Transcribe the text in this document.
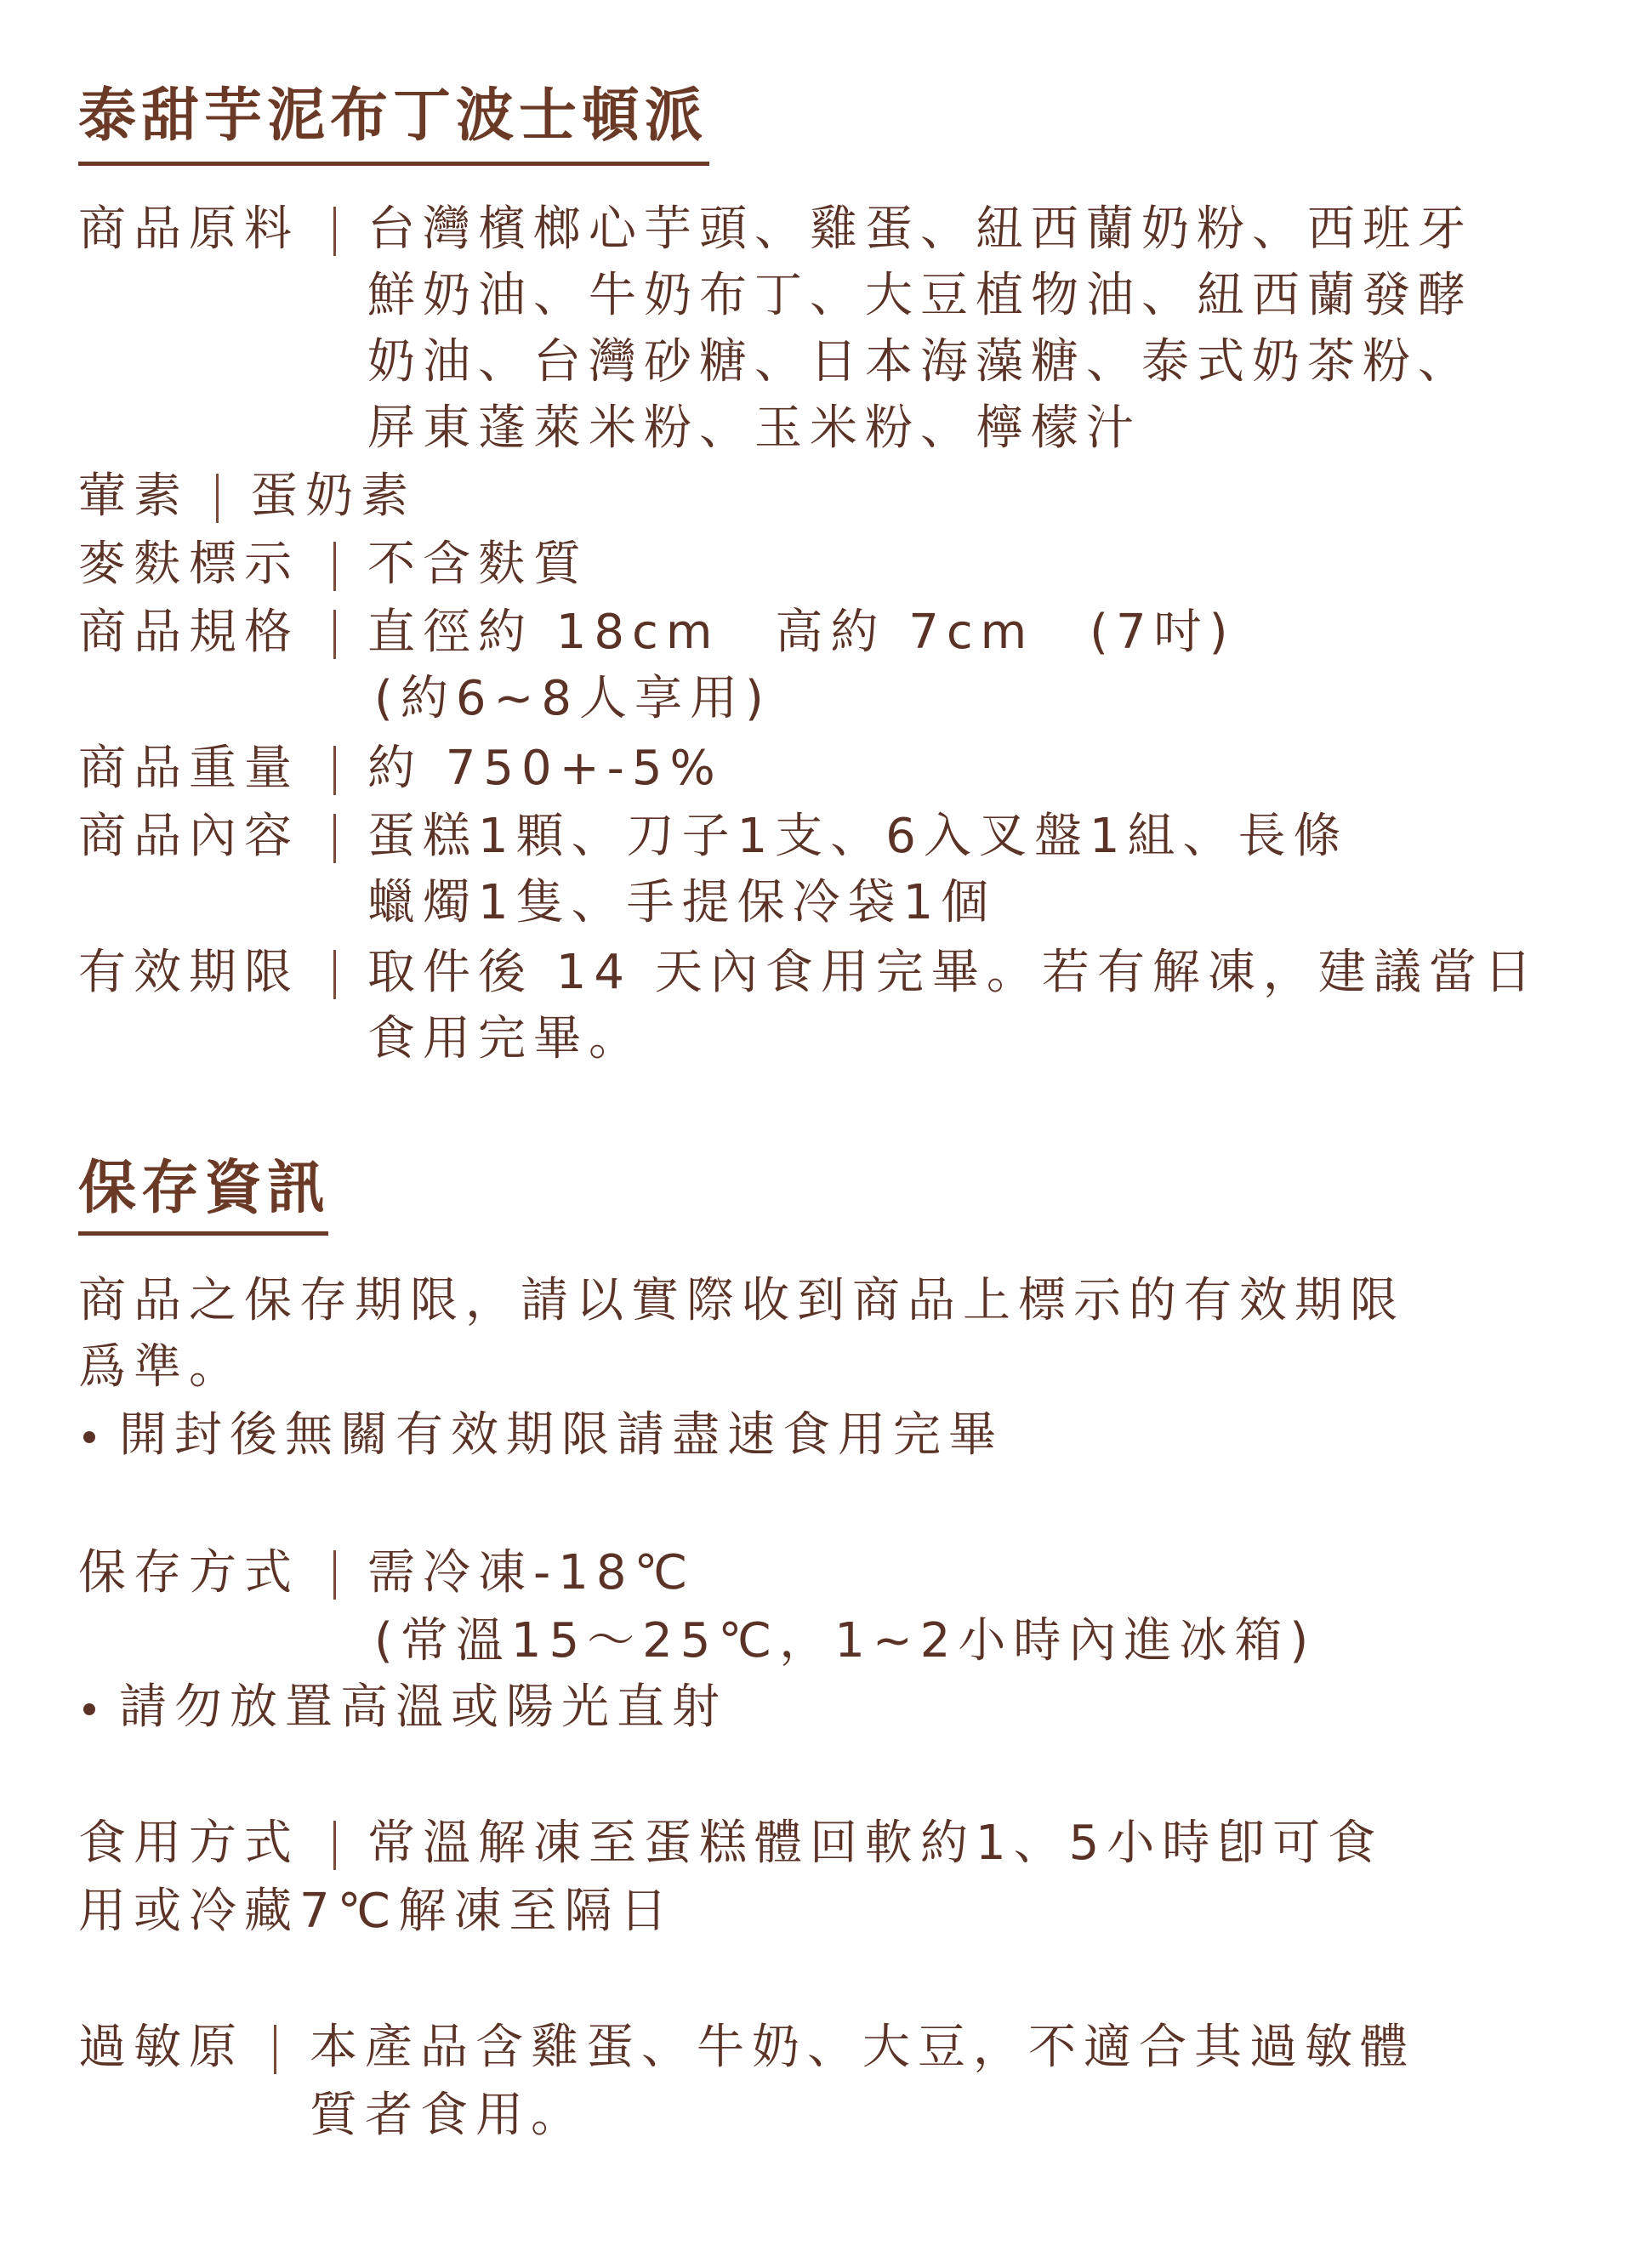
泰甜芋泥布丁波士頓派
商品原料 台灣檳榔心芋頭、雞蛋、紐西蘭奶粉、西班牙
鮮奶油、牛奶布丁、大豆植物油、紐西蘭發酵
奶油、台灣砂糖、日本海藻糖、泰式奶茶粉、
屏東蓬萊米粉、玉米粉、檸檬汁
葷素 蛋奶素
麥麩標示 不含麩質
商品規格 直徑約 18cm　高約 7cm　(7吋)
(約6~8人享用)
商品重量 約 750+-5%
商品內容 蛋糕1顆、刀子1支、6入叉盤1組、長條
蠟燭1隻、手提保冷袋1個
有效期限 取件後 14 天內食用完畢。若有解凍，建議當日
食用完畢。
保存資訊
商品之保存期限，請以實際收到商品上標示的有效期限
爲準。
開封後無關有效期限請盡速食用完畢
保存方式 需冷凍-18℃
(常溫15～25℃，1~2小時內進冰箱)
請勿放置高溫或陽光直射
食用方式 常溫解凍至蛋糕體回軟約1、5小時卽可食
用或冷藏7℃解凍至隔日
過敏原 本產品含雞蛋、牛奶、大豆，不適合其過敏體
質者食用。
